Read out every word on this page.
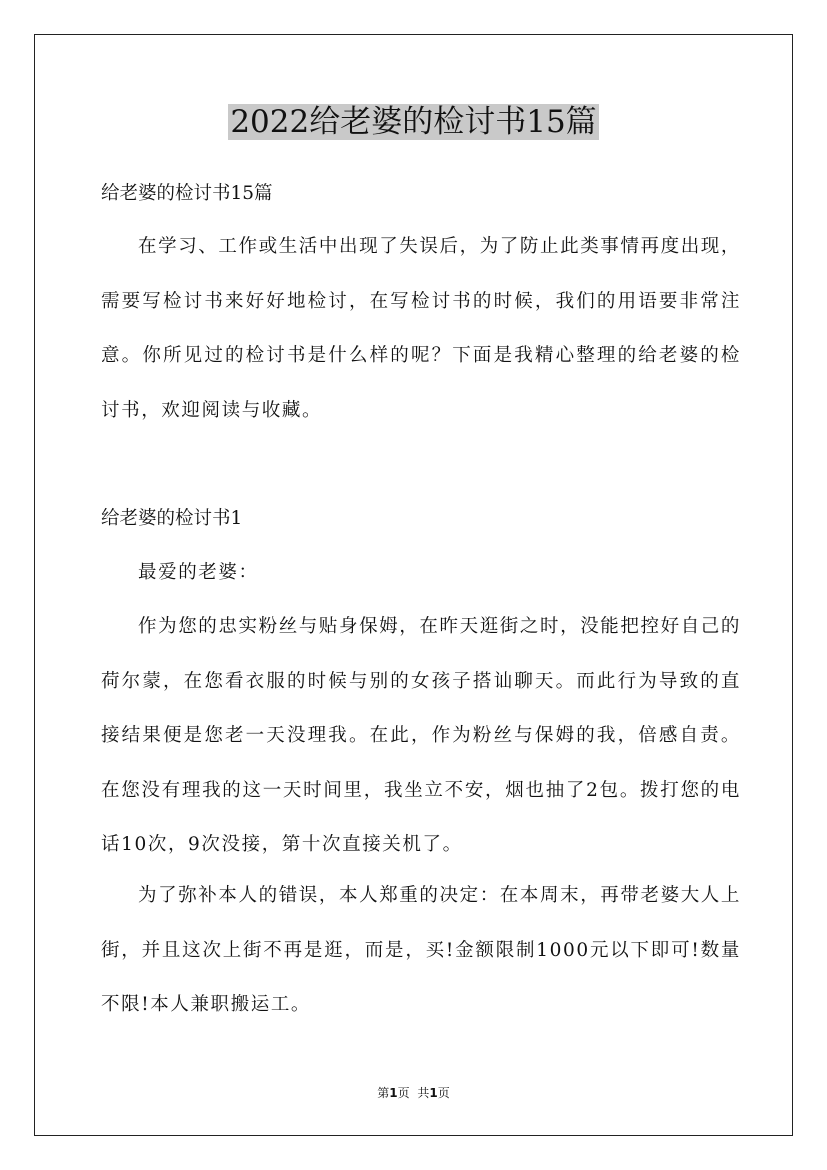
2022给老婆的检讨书15篇
给老婆的检讨书15篇

在学习、工作或生活中出现了失误后，为了防止此类事情再度出现，需要写检讨书来好好地检讨，在写检讨书的时候，我们的用语要非常注意。你所见过的检讨书是什么样的呢？下面是我精心整理的给老婆的检讨书，欢迎阅读与收藏。

给老婆的检讨书1

最爱的老婆：

作为您的忠实粉丝与贴身保姆，在昨天逛街之时，没能把控好自己的荷尔蒙，在您看衣服的时候与别的女孩子搭讪聊天。而此行为导致的直接结果便是您老一天没理我。在此，作为粉丝与保姆的我，倍感自责。在您没有理我的这一天时间里，我坐立不安，烟也抽了2包。拨打您的电话10次，9次没接，第十次直接关机了。

为了弥补本人的错误，本人郑重的决定：在本周末，再带老婆大人上街，并且这次上街不再是逛，而是，买!金额限制1000元以下即可!数量不限!本人兼职搬运工。

第1页 共1页
